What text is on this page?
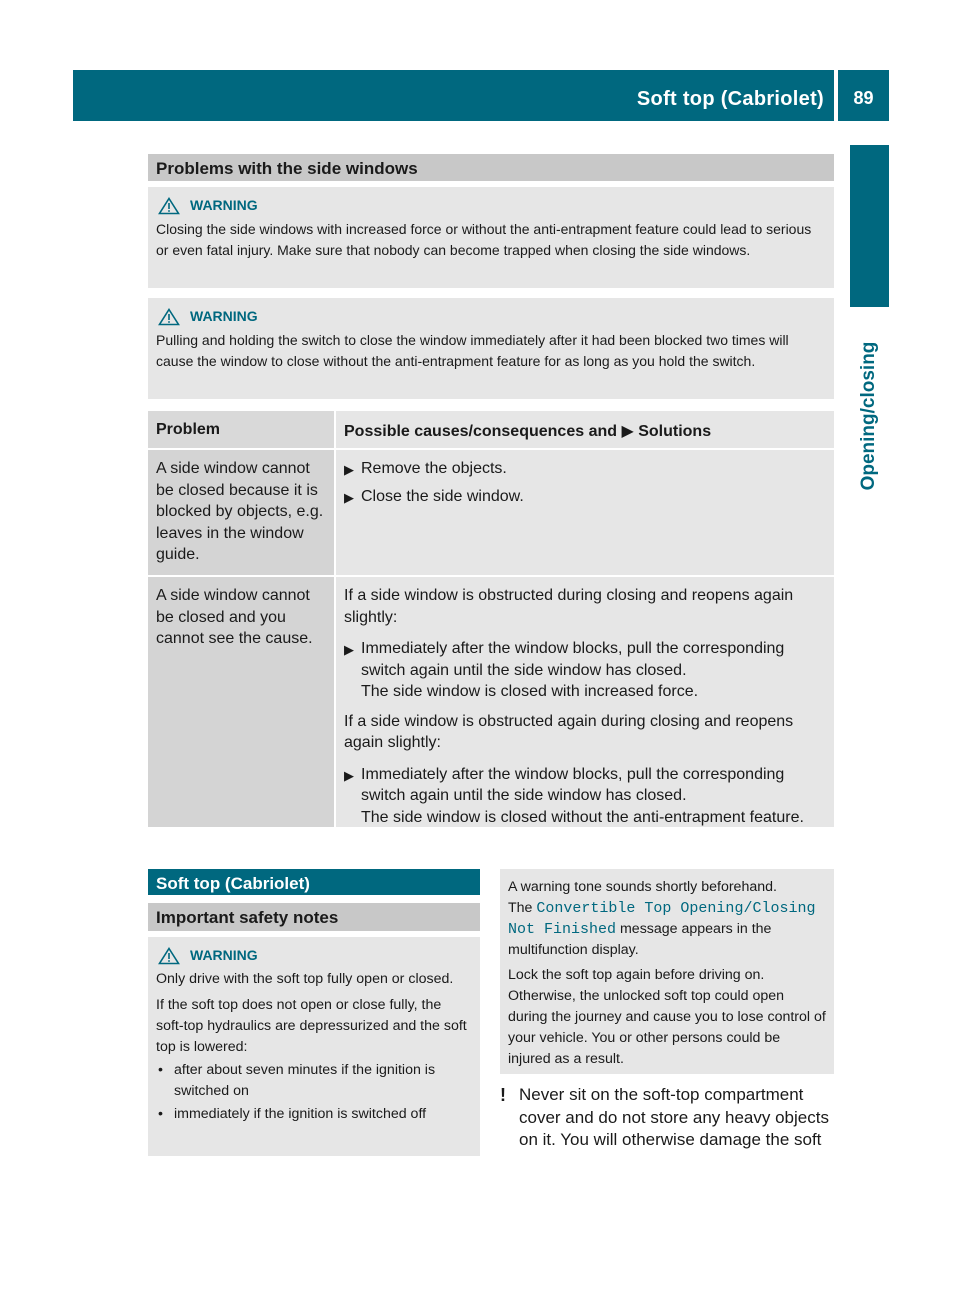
Soft top (Cabriolet)	89
Opening/closing
Problems with the side windows
WARNING
Closing the side windows with increased force or without the anti-entrapment feature could lead to serious or even fatal injury. Make sure that nobody can become trapped when closing the side windows.
WARNING
Pulling and holding the switch to close the window immediately after it had been blocked two times will cause the window to close without the anti-entrapment feature for as long as you hold the switch.
Problem	Possible causes/consequences and ▶ Solutions
A side window cannot be closed because it is blocked by objects, e.g. leaves in the window guide.
▶ Remove the objects.
▶ Close the side window.
A side window cannot be closed and you cannot see the cause.
If a side window is obstructed during closing and reopens again slightly:
▶ Immediately after the window blocks, pull the corresponding switch again until the side window has closed.
The side window is closed with increased force.
If a side window is obstructed again during closing and reopens again slightly:
▶ Immediately after the window blocks, pull the corresponding switch again until the side window has closed.
The side window is closed without the anti-entrapment feature.
Soft top (Cabriolet)
Important safety notes
WARNING
Only drive with the soft top fully open or closed.
If the soft top does not open or close fully, the soft-top hydraulics are depressurized and the soft top is lowered:
• after about seven minutes if the ignition is switched on
• immediately if the ignition is switched off
A warning tone sounds shortly beforehand.
The Convertible Top Opening/Closing Not Finished message appears in the multifunction display.
Lock the soft top again before driving on. Otherwise, the unlocked soft top could open during the journey and cause you to lose control of your vehicle. You or other persons could be injured as a result.
! Never sit on the soft-top compartment cover and do not store any heavy objects on it. You will otherwise damage the soft
